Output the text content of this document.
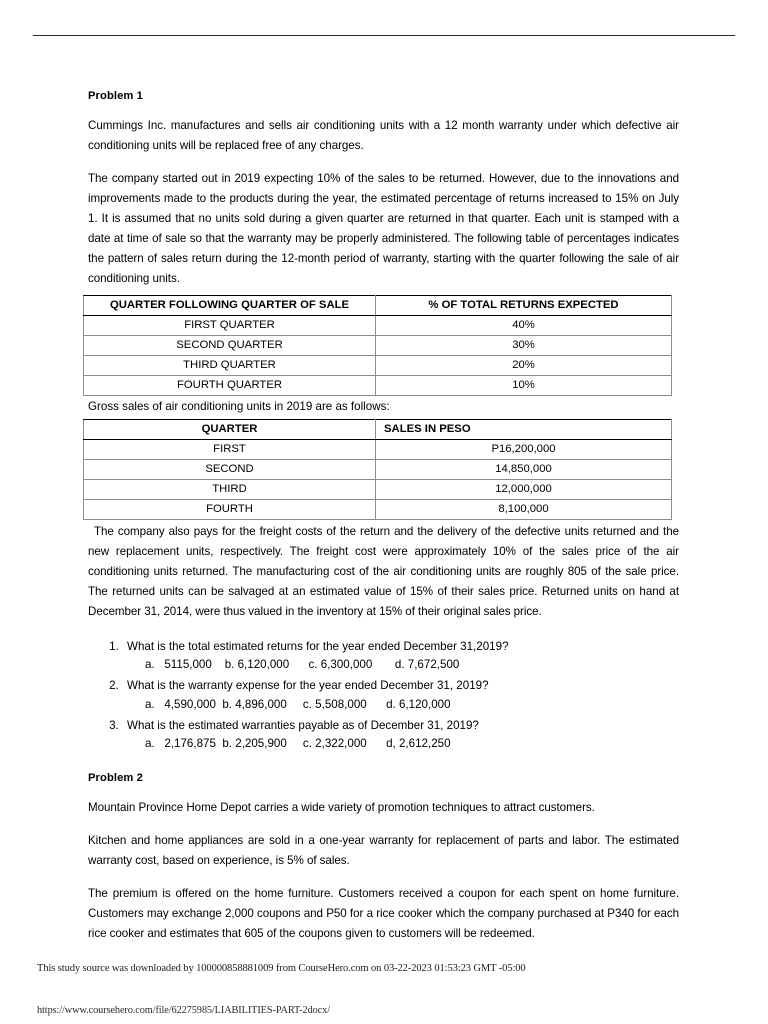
Problem 1

Cummings Inc. manufactures and sells air conditioning units with a 12 month warranty under which defective air conditioning units will be replaced free of any charges.

The company started out in 2019 expecting 10% of the sales to be returned. However, due to the innovations and improvements made to the products during the year, the estimated percentage of returns increased to 15% on July 1. It is assumed that no units sold during a given quarter are returned in that quarter. Each unit is stamped with a date at time of sale so that the warranty may be properly administered. The following table of percentages indicates the pattern of sales return during the 12-month period of warranty, starting with the quarter following the sale of air conditioning units.

QUARTER FOLLOWING QUARTER OF SALE	% OF TOTAL RETURNS EXPECTED
FIRST QUARTER	40%
SECOND QUARTER	30%
THIRD QUARTER	20%
FOURTH QUARTER	10%
Gross sales of air conditioning units in 2019 are as follows:
QUARTER	SALES IN PESO
FIRST	P16,200,000
SECOND	14,850,000
THIRD	12,000,000
FOURTH	8,100,000

The company also pays for the freight costs of the return and the delivery of the defective units returned and the new replacement units, respectively. The freight cost were approximately 10% of the sales price of the air conditioning units returned. The manufacturing cost of the air conditioning units are roughly 805 of the sale price. The returned units can be salvaged at an estimated value of 15% of their sales price. Returned units on hand at December 31, 2014, were thus valued in the inventory at 15% of their original sales price.

1. What is the total estimated returns for the year ended December 31,2019?
a.   5115,000    b. 6,120,000      c. 6,300,000       d. 7,672,500
2. What is the warranty expense for the year ended December 31, 2019?
a.   4,590,000  b. 4,896,000     c. 5,508,000      d. 6,120,000
3. What is the estimated warranties payable as of December 31, 2019?
a.   2,176,875  b. 2,205,900     c. 2,322,000      d, 2,612,250
Problem 2

Mountain Province Home Depot carries a wide variety of promotion techniques to attract customers.

Kitchen and home appliances are sold in a one-year warranty for replacement of parts and labor. The estimated warranty cost, based on experience, is 5% of sales.

The premium is offered on the home furniture. Customers received a coupon for each spent on home furniture. Customers may exchange 2,000 coupons and P50 for a rice cooker which the company purchased at P340 for each rice cooker and estimates that 605 of the coupons given to customers will be redeemed.

This study source was downloaded by 100000858881009 from CourseHero.com on 03-22-2023 01:53:23 GMT -05:00
https://www.coursehero.com/file/62275985/LIABILITIES-PART-2docx/
